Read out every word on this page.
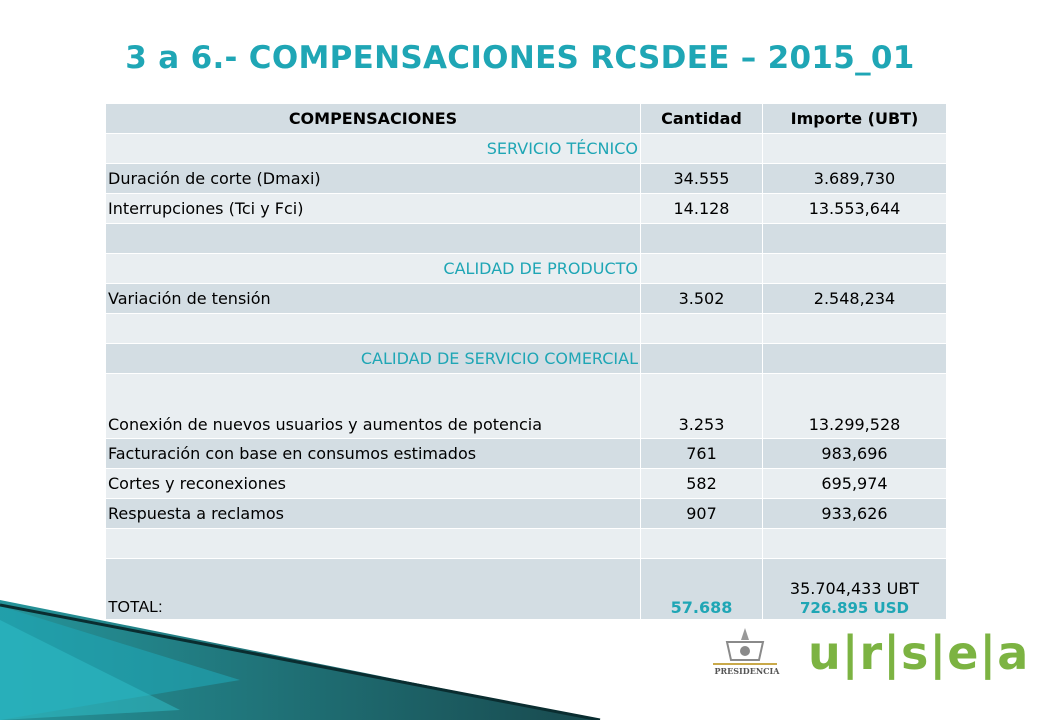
3 a 6.- COMPENSACIONES RCSDEE – 2015_01
COMPENSACIONES	Cantidad	Importe (UBT)
SERVICIO TÉCNICO		
Duración de corte (Dmaxi)	34.555	3.689,730
Interrupciones (Tci y Fci)	14.128	13.553,644

CALIDAD DE PRODUCTO		
Variación de tensión	3.502	2.548,234

CALIDAD DE SERVICIO COMERCIAL		
Conexión de nuevos usuarios y aumentos de potencia	3.253	13.299,528
Facturación con base en consumos estimados	761	983,696
Cortes y reconexiones	582	695,974
Respuesta a reclamos	907	933,626

TOTAL:	57.688	35.704,433 UBT
726.895 USD
PRESIDENCIA u|r|s|e|a
